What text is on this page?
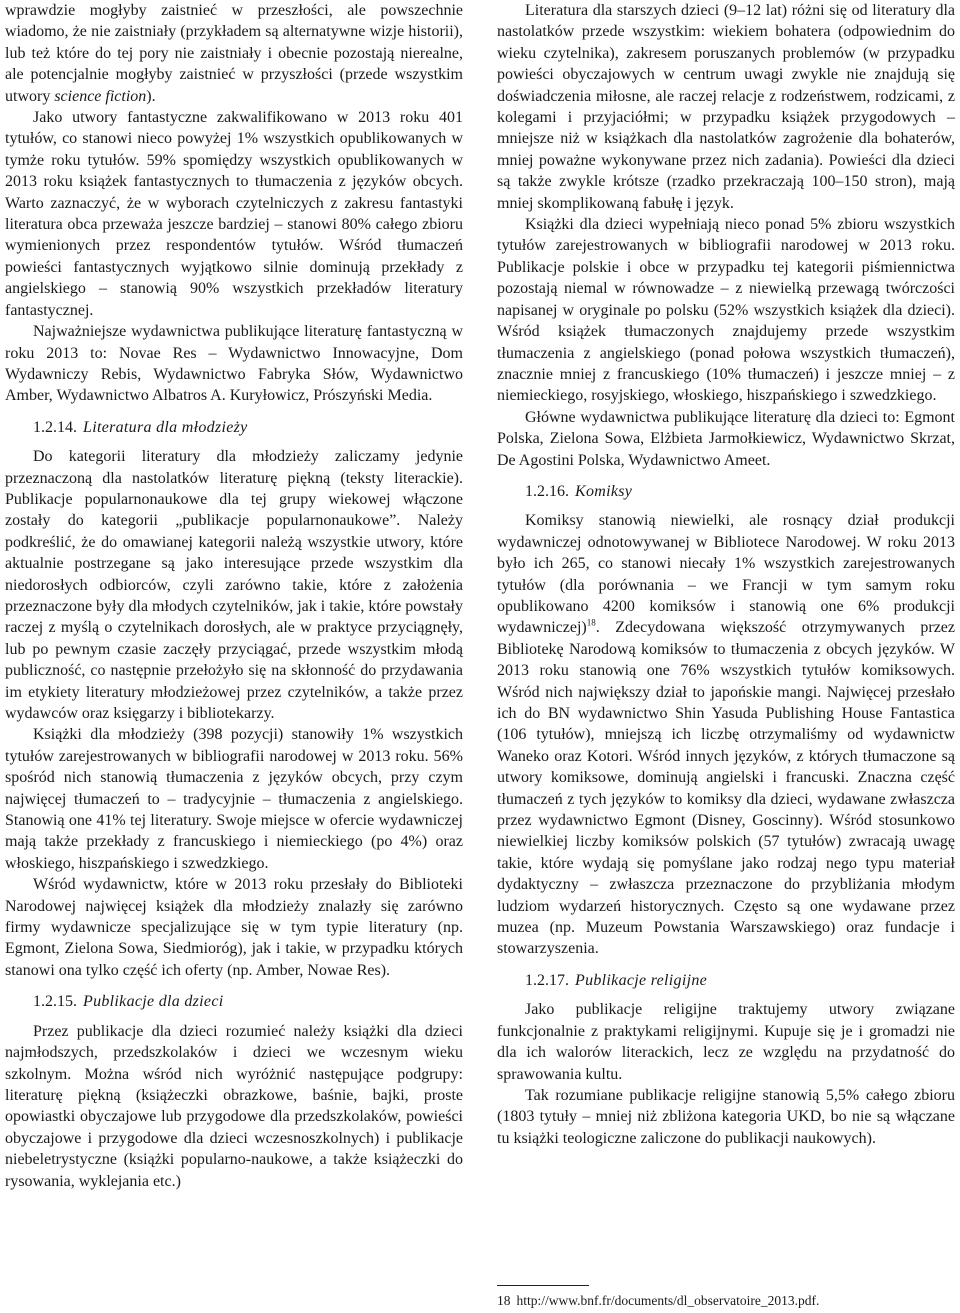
wprawdzie mogłyby zaistnieć w przeszłości, ale powszechnie wiadomo, że nie zaistniały (przykładem są alternatywne wizje historii), lub też które do tej pory nie zaistniały i obecnie pozostają nierealne, ale potencjalnie mogłyby zaistnieć w przyszłości (przede wszystkim utwory science fiction).

Jako utwory fantastyczne zakwalifikowano w 2013 roku 401 tytułów, co stanowi nieco powyżej 1% wszystkich opublikowanych w tymże roku tytułów. 59% spomiędzy wszystkich opublikowanych w 2013 roku książek fantastycznych to tłumaczenia z języków obcych. Warto zaznaczyć, że w wyborach czytelniczych z zakresu fantastyki literatura obca przeważa jeszcze bardziej – stanowi 80% całego zbioru wymienionych przez respondentów tytułów. Wśród tłumaczeń powieści fantastycznych wyjątkowo silnie dominują przekłady z angielskiego – stanowią 90% wszystkich przekładów literatury fantastycznej.

Najważniejsze wydawnictwa publikujące literaturę fantastyczną w roku 2013 to: Novae Res – Wydawnictwo Innowacyjne, Dom Wydawniczy Rebis, Wydawnictwo Fabryka Słów, Wydawnictwo Amber, Wydawnictwo Albatros A. Kuryłowicz, Prószyński Media.

1.2.14. Literatura dla młodzieży

Do kategorii literatury dla młodzieży zaliczamy jedynie przeznaczoną dla nastolatków literaturę piękną (teksty literackie). Publikacje popularnonaukowe dla tej grupy wiekowej włączone zostały do kategorii „publikacje popularnonaukowe”. Należy podkreślić, że do omawianej kategorii należą wszystkie utwory, które aktualnie postrzegane są jako interesujące przede wszystkim dla niedorosłych odbiorców, czyli zarówno takie, które z założenia przeznaczone były dla młodych czytelników, jak i takie, które powstały raczej z myślą o czytelnikach dorosłych, ale w praktyce przyciągnęły, lub po pewnym czasie zaczęły przyciągać, przede wszystkim młodą publiczność, co następnie przełożyło się na skłonność do przydawania im etykiety literatury młodzieżowej przez czytelników, a także przez wydawców oraz księgarzy i bibliotekarzy.

Książki dla młodzieży (398 pozycji) stanowiły 1% wszystkich tytułów zarejestrowanych w bibliografii narodowej w 2013 roku. 56% spośród nich stanowią tłumaczenia z języków obcych, przy czym najwięcej tłumaczeń to – tradycyjnie – tłumaczenia z angielskiego. Stanowią one 41% tej literatury. Swoje miejsce w ofercie wydawniczej mają także przekłady z francuskiego i niemieckiego (po 4%) oraz włoskiego, hiszpańskiego i szwedzkiego.

Wśród wydawnictw, które w 2013 roku przesłały do Biblioteki Narodowej najwięcej książek dla młodzieży znalazły się zarówno firmy wydawnicze specjalizujące się w tym typie literatury (np. Egmont, Zielona Sowa, Siedmioróg), jak i takie, w przypadku których stanowi ona tylko część ich oferty (np. Amber, Nowae Res).

1.2.15. Publikacje dla dzieci

Przez publikacje dla dzieci rozumieć należy książki dla dzieci najmłodszych, przedszkolaków i dzieci we wczesnym wieku szkolnym. Można wśród nich wyróżnić następujące podgrupy: literaturę piękną (książeczki obrazkowe, baśnie, bajki, proste opowiastki obyczajowe lub przygodowe dla przedszkolaków, powieści obyczajowe i przygodowe dla dzieci wczesnoszkolnych) i publikacje niebeletrystyczne (książki popularno-naukowe, a także książeczki do rysowania, wyklejania etc.)

Literatura dla starszych dzieci (9–12 lat) różni się od literatury dla nastolatków przede wszystkim: wiekiem bohatera (odpowiednim do wieku czytelnika), zakresem poruszanych problemów (w przypadku powieści obyczajowych w centrum uwagi zwykle nie znajdują się doświadczenia miłosne, ale raczej relacje z rodzeństwem, rodzicami, z kolegami i przyjaciółmi; w przypadku książek przygodowych – mniejsze niż w książkach dla nastolatków zagrożenie dla bohaterów, mniej poważne wykonywane przez nich zadania). Powieści dla dzieci są także zwykle krótsze (rzadko przekraczają 100–150 stron), mają mniej skomplikowaną fabułę i język.

Książki dla dzieci wypełniają nieco ponad 5% zbioru wszystkich tytułów zarejestrowanych w bibliografii narodowej w 2013 roku. Publikacje polskie i obce w przypadku tej kategorii piśmiennictwa pozostają niemal w równowadze – z niewielką przewagą twórczości napisanej w oryginale po polsku (52% wszystkich książek dla dzieci). Wśród książek tłumaczonych znajdujemy przede wszystkim tłumaczenia z angielskiego (ponad połowa wszystkich tłumaczeń), znacznie mniej z francuskiego (10% tłumaczeń) i jeszcze mniej – z niemieckiego, rosyjskiego, włoskiego, hiszpańskiego i szwedzkiego.

Główne wydawnictwa publikujące literaturę dla dzieci to: Egmont Polska, Zielona Sowa, Elżbieta Jarmołkiewicz, Wydawnictwo Skrzat, De Agostini Polska, Wydawnictwo Ameet.

1.2.16. Komiksy

Komiksy stanowią niewielki, ale rosnący dział produkcji wydawniczej odnotowywanej w Bibliotece Narodowej. W roku 2013 było ich 265, co stanowi niecały 1% wszystkich zarejestrowanych tytułów (dla porównania – we Francji w tym samym roku opublikowano 4200 komiksów i stanowią one 6% produkcji wydawniczej)$^{18}$. Zdecydowana większość otrzymywanych przez Bibliotekę Narodową komiksów to tłumaczenia z obcych języków. W 2013 roku stanowią one 76% wszystkich tytułów komiksowych. Wśród nich największy dział to japońskie mangi. Najwięcej przesłało ich do BN wydawnictwo Shin Yasuda Publishing House Fantastica (106 tytułów), mniejszą ich liczbę otrzymaliśmy od wydawnictw Waneko oraz Kotori. Wśród innych języków, z których tłumaczone są utwory komiksowe, dominują angielski i francuski. Znaczna część tłumaczeń z tych języków to komiksy dla dzieci, wydawane zwłaszcza przez wydawnictwo Egmont (Disney, Goscinny). Wśród stosunkowo niewielkiej liczby komiksów polskich (57 tytułów) zwracają uwagę takie, które wydają się pomyślane jako rodzaj nego typu materiał dydaktyczny – zwłaszcza przeznaczone do przybliżania młodym ludziom wydarzeń historycznych. Często są one wydawane przez muzea (np. Muzeum Powstania Warszawskiego) oraz fundacje i stowarzyszenia.

1.2.17. Publikacje religijne

Jako publikacje religijne traktujemy utwory związane funkcjonalnie z praktykami religijnymi. Kupuje się je i gromadzi nie dla ich walorów literackich, lecz ze względu na przydatność do sprawowania kultu.

Tak rozumiane publikacje religijne stanowią 5,5% całego zbioru (1803 tytuły – mniej niż zbliżona kategoria UKD, bo nie są włączane tu książki teologiczne zaliczone do publikacji naukowych).

18 http://www.bnf.fr/documents/dl_observatoire_2013.pdf.
